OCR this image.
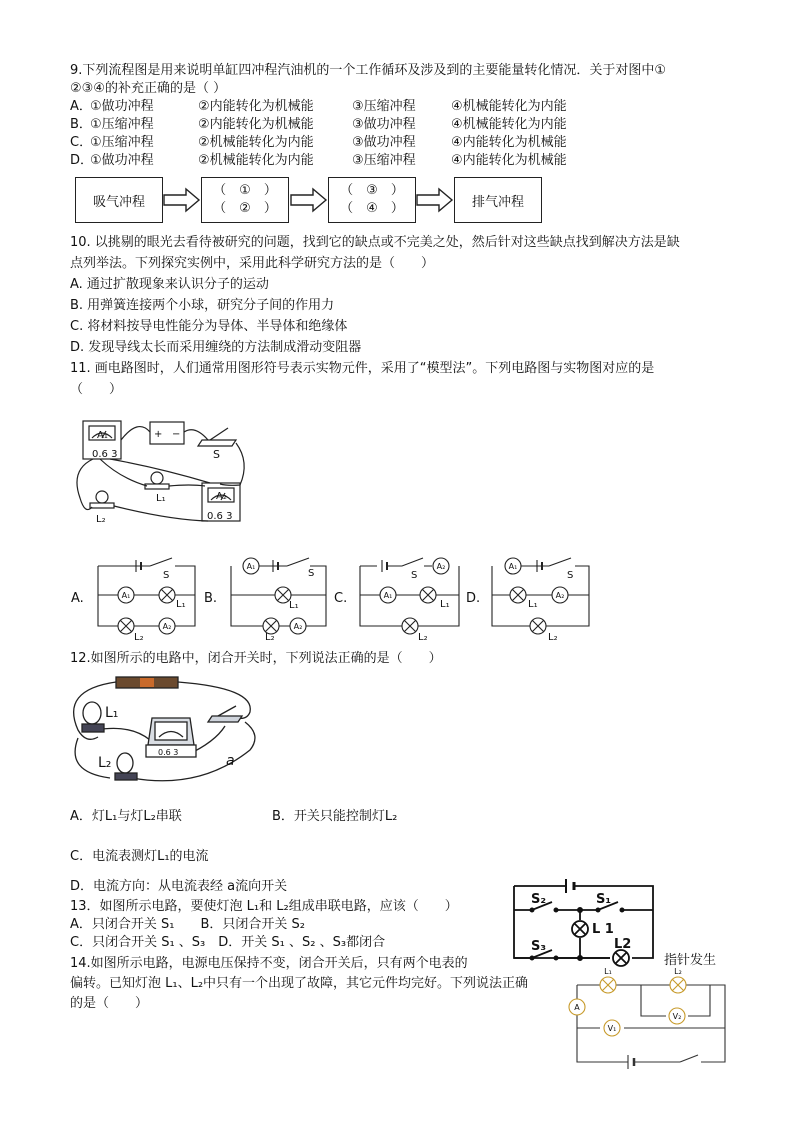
9.下列流程图是用来说明单缸四冲程汽油机的一个工作循环及涉及到的主要能量转化情况．关于对图中①
②③④的补充正确的是（ ）
A．①做功冲程	②内能转化为机械能	③压缩冲程	④机械能转化为内能
B．①压缩冲程	②内能转化为机械能	③做功冲程	④机械能转化为内能
C．①压缩冲程	②机械能转化为内能	③做功冲程	④内能转化为机械能
D．①做功冲程	②机械能转化为内能	③压缩冲程	④内能转化为机械能
吸气冲程
（　①　）
（　②　）
（　③　）
（　④　）	排气冲程
10. 以挑剔的眼光去看待被研究的问题，找到它的缺点或不完美之处，然后针对这些缺点找到解决方法是缺
点列举法。下列探究实例中，采用此科学研究方法的是（　　）
A. 通过扩散现象来认识分子的运动
B. 用弹簧连接两个小球，研究分子间的作用力
C. 将材料按导电性能分为导体、半导体和绝缘体
D. 发现导线太长而采用缠绕的方法制成滑动变阻器
11. 画电路图时，人们通常用图形符号表示实物元件，采用了“模型法”。下列电路图与实物图对应的是
（　　）
A₁
0.6 3
+ −
S
L₁
L₂
A₂
0.6 3
A.	B.	C.	D.
A₁
A₂
A₁
A₂
A₁
A₂	A₁
A₂
S
L₁
L₂
S
L₁
L₂
S
L₁
L₂
S
L₁
L₂
12.如图所示的电路中，闭合开关时，下列说法正确的是（　　）
L₁
L₂	a
0.6 3
A．灯L₁与灯L₂串联	B．开关只能控制灯L₂
C．电流表测灯L₁的电流
D．电流方向：从电流表经 a流向开关
13．如图所示电路，要使灯泡 L₁和 L₂组成串联电路，应该（　　）
A．只闭合开关 S₁　　B．只闭合开关 S₂
C．只闭合开关 S₁ 、S₃　D．开关 S₁ 、S₂ 、S₃都闭合
S₂	S₁
L 1
S₃	L2
14.如图所示电路，电源电压保持不变，闭合开关后，只有两个电表的
偏转。已知灯泡 L₁、L₂中只有一个出现了故障，其它元件均完好。下列说法正确
的是（　　）
指针发生
A
V₁
V₂
L₁	L₂
